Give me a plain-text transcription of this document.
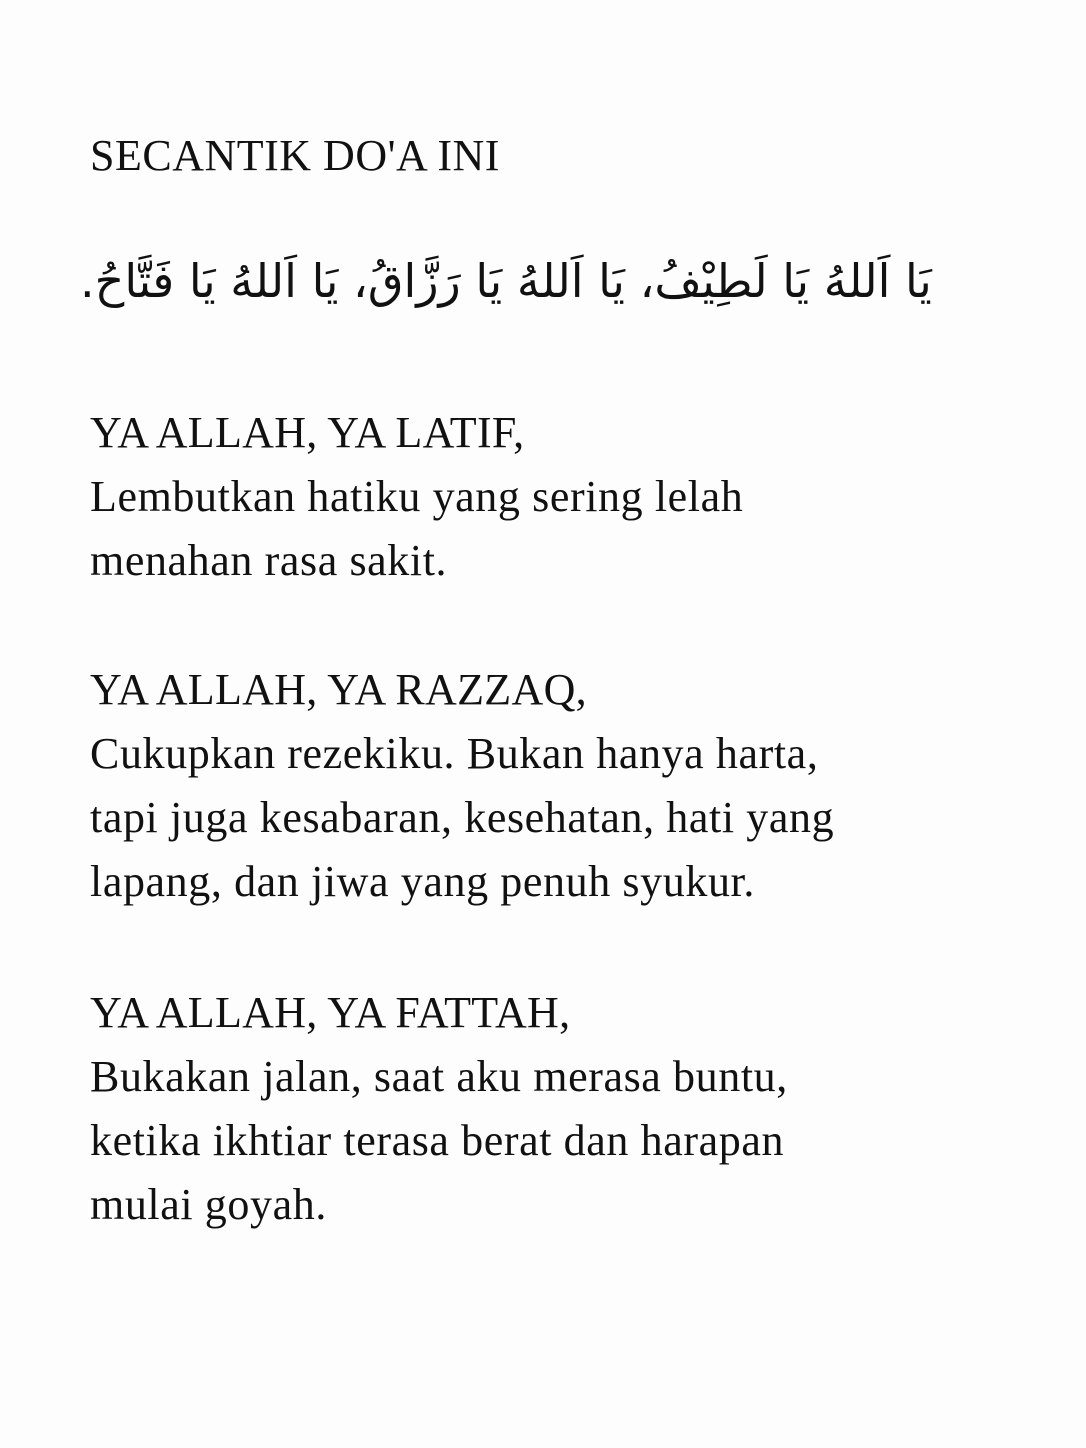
SECANTIK DO'A INI
يَا اَللهُ يَا لَطِيْفُ، يَا اَللهُ يَا رَزَّاقُ، يَا اَللهُ يَا فَتَّاحُ.
YA ALLAH, YA LATIF,
Lembutkan hatiku yang sering lelah
menahan rasa sakit.
YA ALLAH, YA RAZZAQ,
Cukupkan rezekiku. Bukan hanya harta,
tapi juga kesabaran, kesehatan, hati yang
lapang, dan jiwa yang penuh syukur.
YA ALLAH, YA FATTAH,
Bukakan jalan, saat aku merasa buntu,
ketika ikhtiar terasa berat dan harapan
mulai goyah.
